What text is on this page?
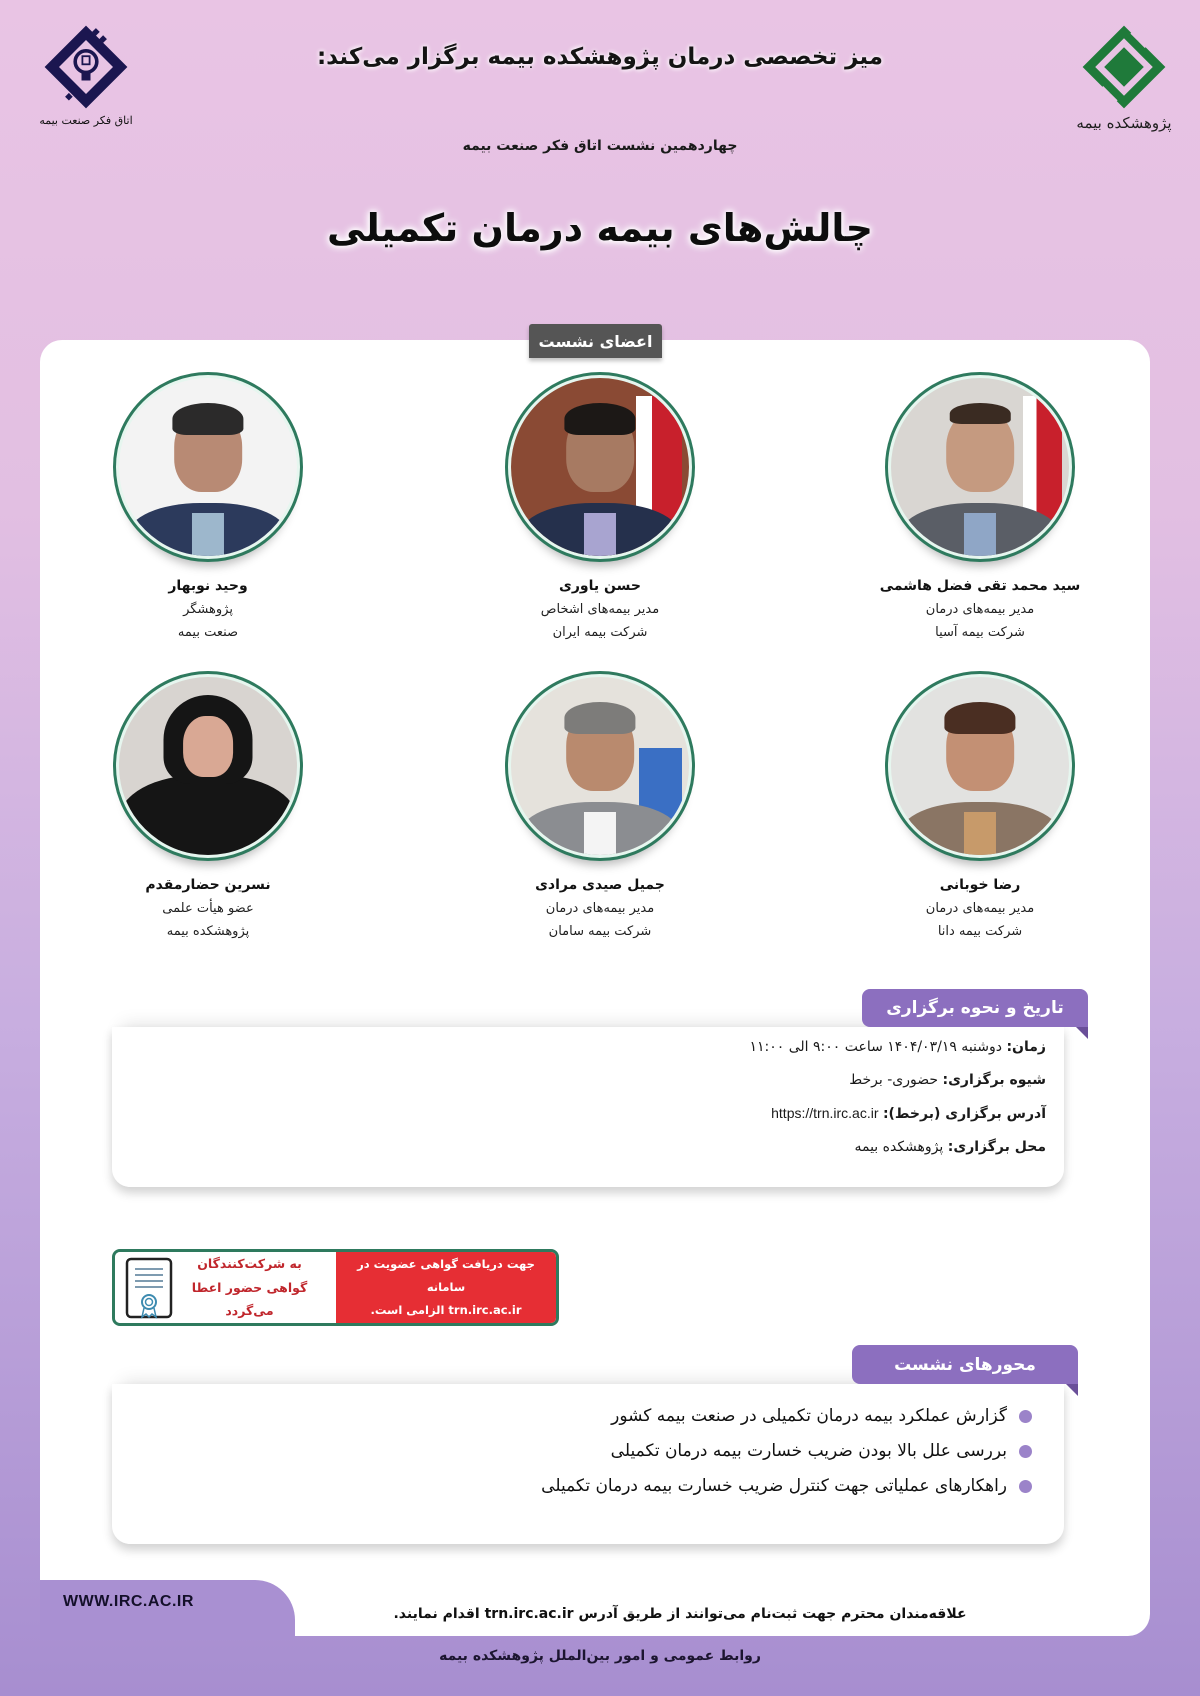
اتاق فکر صنعت بیمه	پژوهشکده بیمه
میز تخصصی درمان پژوهشکده بیمه برگزار می‌کند:
چهاردهمین نشست اتاق فکر صنعت بیمه
چالش‌های بیمه درمان تکمیلی
اعضای نشست
سید محمد تقی فضل هاشمی
مدیر بیمه‌های درمان
شرکت بیمه آسیا
حسن یاوری
مدیر بیمه‌های اشخاص
شرکت بیمه ایران
وحید نوبهار
پژوهشگر
صنعت بیمه
رضا خوبانی
مدیر بیمه‌های درمان
شرکت بیمه دانا
جمیل صیدی مرادی
مدیر بیمه‌های درمان
شرکت بیمه سامان
نسرین حضارمقدم
عضو هیأت علمی
پژوهشکده بیمه
زمان: دوشنبه ۱۴۰۴/۰۳/۱۹ ساعت ۹:۰۰ الی ۱۱:۰۰
شیوه برگزاری: حضوری- برخط
آدرس برگزاری (برخط): https://trn.irc.ac.ir
محل برگزاری: پژوهشکده بیمه
تاریخ و نحوه برگزاری
جهت دریافت گواهی عضویت در سامانه
trn.irc.ac.ir الزامی است.
به شرکت‌کنندگان
گواهی حضور اعطا می‌گردد
گزارش عملکرد بیمه درمان تکمیلی در صنعت بیمه کشور
بررسی علل بالا بودن ضریب خسارت بیمه درمان تکمیلی
راهکارهای عملیاتی جهت کنترل ضریب خسارت بیمه درمان تکمیلی
محورهای نشست
WWW.IRC.AC.IR
علاقه‌مندان محترم جهت ثبت‌نام می‌توانند از طریق آدرس trn.irc.ac.ir اقدام نمایند.
روابط عمومی و امور بین‌الملل پژوهشکده بیمه
